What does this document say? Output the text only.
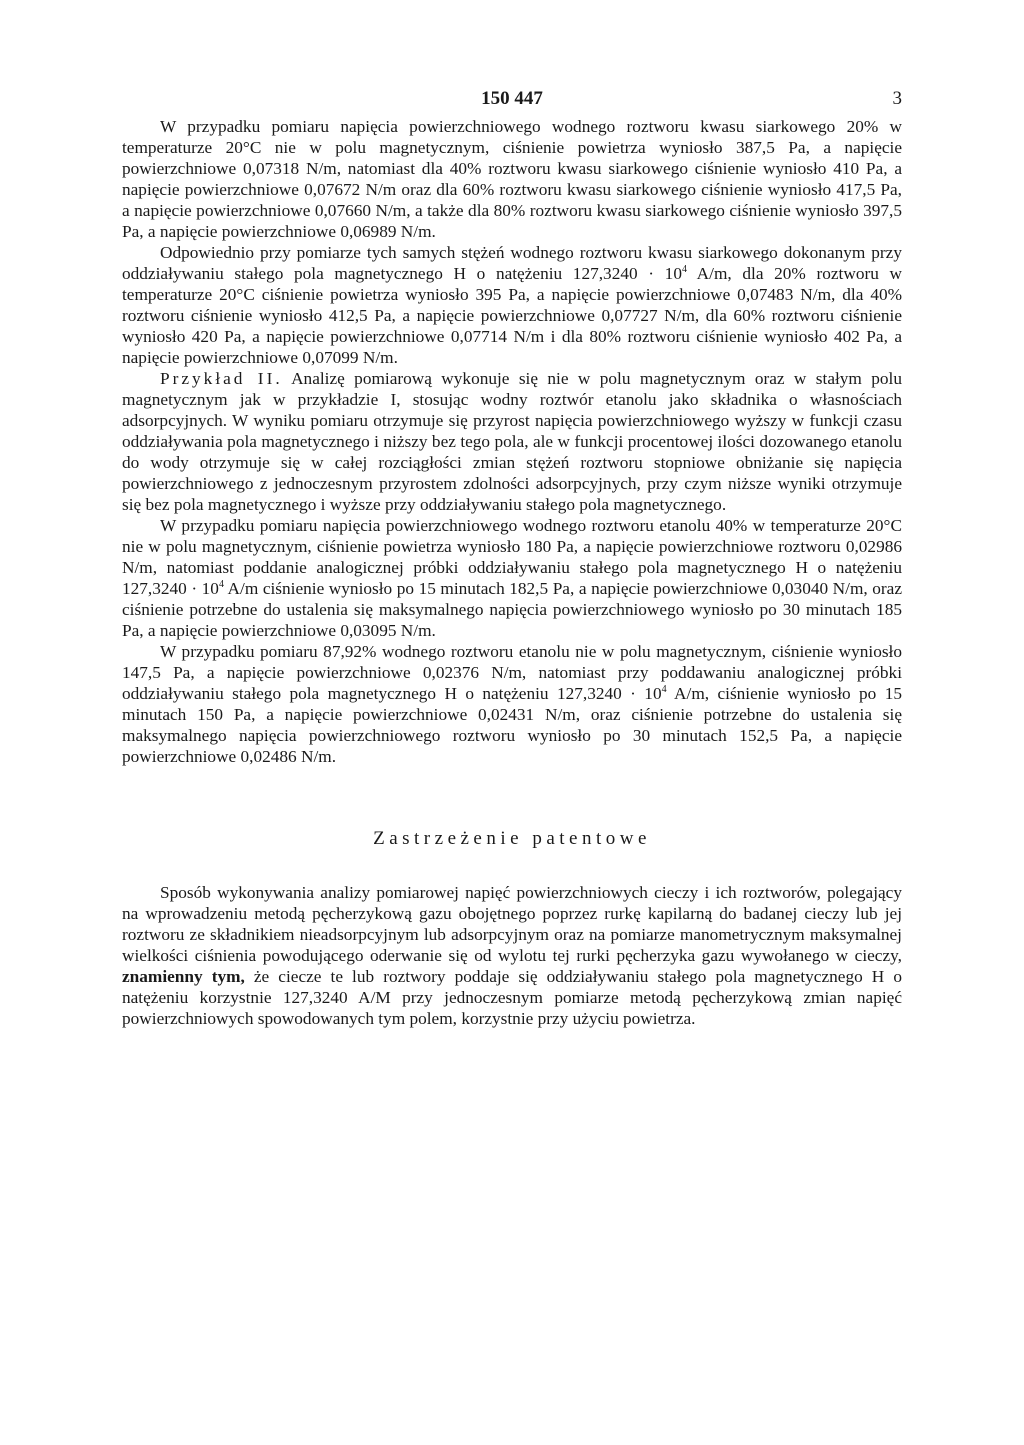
150 447	3

W przypadku pomiaru napięcia powierzchniowego wodnego roztworu kwasu siarkowego 20% w temperaturze 20°C nie w polu magnetycznym, ciśnienie powietrza wyniosło 387,5 Pa, a napięcie powierzchniowe 0,07318 N/m, natomiast dla 40% roztworu kwasu siarkowego ciśnienie wyniosło 410 Pa, a napięcie powierzchniowe 0,07672 N/m oraz dla 60% roztworu kwasu siarkowego ciśnienie wyniosło 417,5 Pa, a napięcie powierzchniowe 0,07660 N/m, a także dla 80% roztworu kwasu siarkowego ciśnienie wyniosło 397,5 Pa, a napięcie powierzchniowe 0,06989 N/m.

Odpowiednio przy pomiarze tych samych stężeń wodnego roztworu kwasu siarkowego dokonanym przy oddziaływaniu stałego pola magnetycznego H o natężeniu $127,3240 \cdot 10^4$ A/m, dla 20% roztworu w temperaturze 20°C ciśnienie powietrza wyniosło 395 Pa, a napięcie powierzchniowe 0,07483 N/m, dla 40% roztworu ciśnienie wyniosło 412,5 Pa, a napięcie powierzchniowe 0,07727 N/m, dla 60% roztworu ciśnienie wyniosło 420 Pa, a napięcie powierzchniowe 0,07714 N/m i dla 80% roztworu ciśnienie wyniosło 402 Pa, a napięcie powierzchniowe 0,07099 N/m.

Przykład II. Analizę pomiarową wykonuje się nie w polu magnetycznym oraz w stałym polu magnetycznym jak w przykładzie I, stosując wodny roztwór etanolu jako składnika o własnościach adsorpcyjnych. W wyniku pomiaru otrzymuje się przyrost napięcia powierzchniowego wyższy w funkcji czasu oddziaływania pola magnetycznego i niższy bez tego pola, ale w funkcji procentowej ilości dozowanego etanolu do wody otrzymuje się w całej rozciągłości zmian stężeń roztworu stopniowe obniżanie się napięcia powierzchniowego z jednoczesnym przyrostem zdolności adsorpcyjnych, przy czym niższe wyniki otrzymuje się bez pola magnetycznego i wyższe przy oddziaływaniu stałego pola magnetycznego.

W przypadku pomiaru napięcia powierzchniowego wodnego roztworu etanolu 40% w temperaturze 20°C nie w polu magnetycznym, ciśnienie powietrza wyniosło 180 Pa, a napięcie powierzchniowe roztworu 0,02986 N/m, natomiast poddanie analogicznej próbki oddziaływaniu stałego pola magnetycznego H o natężeniu $127,3240 \cdot 10^4$ A/m ciśnienie wyniosło po 15 minutach 182,5 Pa, a napięcie powierzchniowe 0,03040 N/m, oraz ciśnienie potrzebne do ustalenia się maksymalnego napięcia powierzchniowego wyniosło po 30 minutach 185 Pa, a napięcie powierzchniowe 0,03095 N/m.

W przypadku pomiaru 87,92% wodnego roztworu etanolu nie w polu magnetycznym, ciśnienie wyniosło 147,5 Pa, a napięcie powierzchniowe 0,02376 N/m, natomiast przy poddawaniu analogicznej próbki oddziaływaniu stałego pola magnetycznego H o natężeniu $127,3240 \cdot 10^4$ A/m, ciśnienie wyniosło po 15 minutach 150 Pa, a napięcie powierzchniowe 0,02431 N/m, oraz ciśnienie potrzebne do ustalenia się maksymalnego napięcia powierzchniowego roztworu wyniosło po 30 minutach 152,5 Pa, a napięcie powierzchniowe 0,02486 N/m.

Zastrzeżenie patentowe

Sposób wykonywania analizy pomiarowej napięć powierzchniowych cieczy i ich roztworów, polegający na wprowadzeniu metodą pęcherzykową gazu obojętnego poprzez rurkę kapilarną do badanej cieczy lub jej roztworu ze składnikiem nieadsorpcyjnym lub adsorpcyjnym oraz na pomiarze manometrycznym maksymalnej wielkości ciśnienia powodującego oderwanie się od wylotu tej rurki pęcherzyka gazu wywołanego w cieczy, znamienny tym, że ciecze te lub roztwory poddaje się oddziaływaniu stałego pola magnetycznego H o natężeniu korzystnie 127,3240 A/M przy jednoczesnym pomiarze metodą pęcherzykową zmian napięć powierzchniowych spowodowanych tym polem, korzystnie przy użyciu powietrza.
